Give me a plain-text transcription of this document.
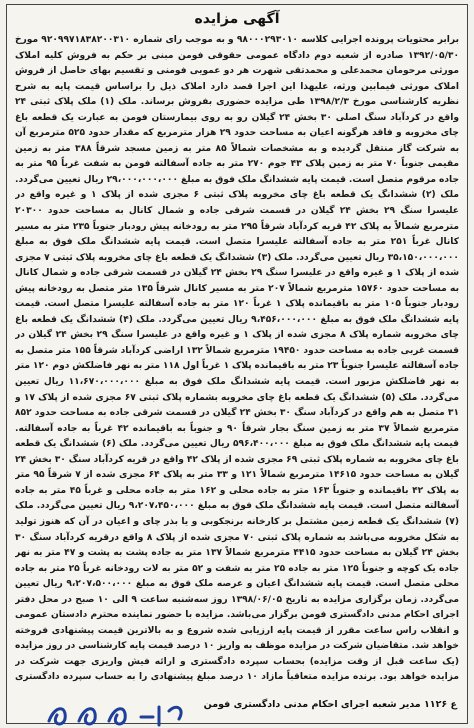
آگهی مزایده
برابر محتویات پرونده اجرایی کلاسه ۹۸۰۰۰۲۹۳۰۱۰ و به موجب رای شماره ۹۲۰۹۹۷۱۸۳۸۲۰۰۳۱۰ مورخ ۱۳۹۲/۰۵/۳۰ صادره از شعبه دوم دادگاه عمومی حقوقی فومن مبنی بر حکم به فروش کلیه املاک مورثی مرحومان محمدعلی و محمدتقی شهرت هر دو عمویی فومنی و تقسیم بهای حاصل از فروش املاک مورثی فیمابین ورثه، علیهذا این اجرا قصد دارد املاک ذیل را براساس قیمت پایه به شرح نظریه کارشناسی مورخ ۱۳۹۸/۲/۳ طی مزایده حضوری بفروش برساند. ملک (۱) ملک پلاک ثبتی ۲۴ واقع در کردآباد سنگ اصلی ۳۰ بخش ۲۴ گیلان رو به روی بیمارستان فومن به عبارت یک قطعه باغ چای مخروبه و فاقد هرگونه اعیان به مساحت حدود ۲۹ هزار مترمربع که مقدار حدود ۵۲۵ مترمربع آن به شرکت گاز منتقل گردیده و به مشخصات شمالاً ۸۵ متر به زمین مسجد شرقاً ۳۸۸ متر به زمین مقیمی جنوباً ۷۰ متر به زمین پلاک ۴۳ جوم ۲۷۰ متر به جاده آسفالته فومن به شفت غرباً ۹۵ متر به جاده مرقوم متصل است. قیمت پایه ششدانگ ملک فوق به مبلغ ۲۹،۰۰۰،۰۰۰،۰۰۰ ریال تعیین می‌گردد. ملک (۲) ششدانگ یک قطعه باغ چای مخروبه پلاک ثبتی ۶ مجزی شده از پلاک ۱ و غیره واقع در علیسرا سنگ ۲۹ بخش ۲۴ گیلان در قسمت شرقی جاده و شمال کانال به مساحت حدود ۲۰۳۰۰ مترمربع شمالاً به پلاک ۴۲ قریه کردآباد شرقاً ۲۹۵ متر به رودخانه پیش رودبار جنوباً ۲۳۵ متر به مسیر کانال غرباً ۲۵۱ متر به جاده آسفالته علیسرا متصل است. قیمت پایه ششدانگ ملک فوق به مبلغ ۳۵،۱۵۰،۰۰۰،۰۰۰ ریال تعیین می‌گردد. ملک (۳) ششدانگ یک قطعه باغ چای مخروبه پلاک ثبتی ۷ مجزی شده از پلاک ۱ و غیره واقع در علیسرا سنگ ۲۹ بخش ۲۴ گیلان در قسمت شرقی جاده و شمال کانال به مساحت حدود ۱۵۷۶۰ مترمربع شمالاً ۲۰۷ متر به مسیر کانال شرقاً ۱۳۵ متر متصل به رودخانه پیش رودبار جنوباً ۱۰۵ متر به باقیمانده پلاک ۱ غرباً ۱۲۰ متر به جاده آسفالته علیسرا متصل است. قیمت پایه ششدانگ ملک فوق به مبلغ ۹،۴۵۶،۰۰۰،۰۰۰ ریال تعیین می‌گردد. ملک (۴) ششدانگ یک قطعه باغ چای مخروبه شماره پلاک ۸ مجزی شده از پلاک ۱ و غیره واقع در علیسرا سنگ ۲۹ بخش ۲۴ گیلان در قسمت غربی جاده به مساحت حدود ۱۹۴۵۰ مترمربع شمالاً ۱۳۲ اراضی کردآباد شرقاً ۱۵۵ متر متصل به جاده آسفالته علیسرا جنوباً ۲۳ متر به باقیمانده پلاک ۱ غرباً اول ۱۱۸ متر به نهر فاضلکش دوم ۱۲۰ متر به نهر فاضلکش مزبور است. قیمت پایه ششدانگ ملک فوق به مبلغ ۱۱،۶۷۰،۰۰۰،۰۰۰ ریال تعیین می‌گردد. ملک (۵) ششدانگ یک قطعه باغ چای مخروبه بشماره پلاک ثبتی ۶۷ مجزی شده از پلاک ۱۷ و ۳۱ متصل به هم واقع در کردآباد سنگ ۳۰ بخش ۲۴ گیلان در قسمت شرقی جاده به مساحت حدود ۸۵۲ مترمربع شمالاً ۳۷ متر به زمین سنگ بجار شرقاً ۹۰ و جنوباً به باقیمانده ۴۲ غرباً به جاده آسفالته. قیمت پایه ششدانگ ملک فوق به مبلغ ۵۹۶،۴۰۰،۰۰۰ ریال تعیین می‌گردد. ملک (۶) ششدانگ یک قطعه باغ چای مخروبه به شماره پلاک ثبتی ۶۹ مجزی شده از پلاک ۴۲ واقع در قریه کردآباد سنگ ۳۰ بخش ۲۴ گیلان به مساحت حدود ۱۴۶۱۵ مترمربع شمالاً ۱۲۱ و ۳۳ متر به پلاک ۶۴ مجزی شده از ۷ شرقاً ۹۵ متر به پلاک ۴۲ باقیمانده و جنوباً ۱۶۳ متر به جاده محلی و ۱۶۲ متر به جاده محلی و غرباً ۴۵ متر به جاده آسفالته متصل است. قیمت پایه ششدانگ ملک فوق به مبلغ ۹،۲۰۷،۴۵۰،۰۰۰ ریال تعیین می‌گردد. ملک (۷) ششدانگ یک قطعه زمین مشتمل بر کارخانه برنجکوبی و یا بذر چای و اعیان در آن که هنوز تولید به شکل مخروبه می‌باشد به شماره پلاک ثبتی ۷۰ مجزی شده از پلاک ۸ واقع درقریه کردآباد سنگ ۳۰ بخش ۲۴ گیلان به مساحت حدود ۴۴۱۵ مترمربع شمالاً ۱۳۷ متر به جاده پشت به پشت و ۴۷ متر به نهر جاده یک کوچه و جنوباً ۱۲۵ متر به جاده ۲۵ متر به شفت و ۵۲ متر به لات رودخانه غرباً ۲۵ متر به جاده محلی متصل است. قیمت پایه ششدانگ اعیان و عرصه ملک فوق به مبلغ ۹،۲۰۷،۵۰۰،۰۰۰ ریال تعیین می‌گردد. زمان برگزاری مزایده به تاریخ ۱۳۹۸/۰۶/۰۵ روز سه‌شنبه ساعت ۹ الی ۱۰ صبح در محل دفتر اجرای احکام مدنی دادگستری فومن برگزار می‌باشد. مزایده با حضور نماینده محترم دادستان عمومی و انقلاب راس ساعت مقرر از قیمت پایه ارزیابی شده شروع و به بالاترین قیمت پیشنهادی فروخته خواهد شد. متقاضیان شرکت در مزایده موظف به واریز ۱۰ درصد قیمت پایه کارشناسی در روز مزایده (یک ساعت قبل از وقت مزایده) بحساب سپرده دادگستری و ارائه فیش واریزی جهت شرکت در مزایده خواهد بود. برنده مزایده متعاقباً مازاد ۱۰ درصد مبلغ پیشنهادی را به حساب سپرده دادگستری
ع ۱۱۲۶ مدیر شعبه اجرای احکام مدنی دادگستری فومن
